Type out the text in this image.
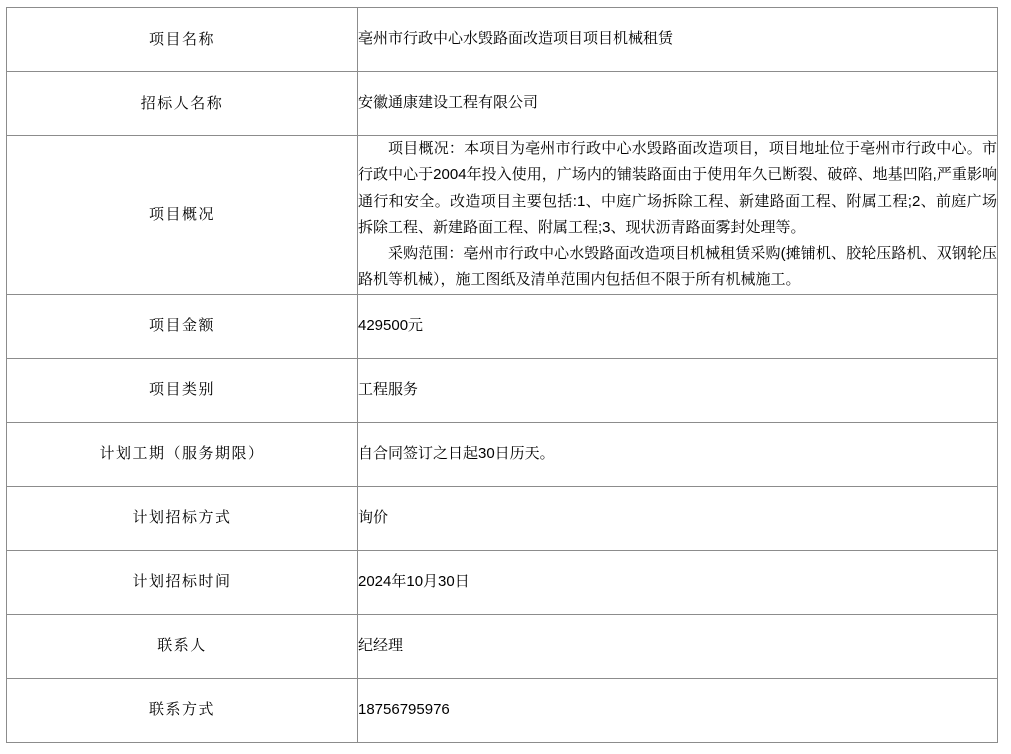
项目名称	亳州市行政中心水毁路面改造项目项目机械租赁
招标人名称	安徽通康建设工程有限公司
项目概况	项目概况：本项目为亳州市行政中心水毁路面改造项目，项目地址位于亳州市行政中心。市行政中心于2004年投入使用，广场内的铺装路面由于使用年久已断裂、破碎、地基凹陷,严重影响通行和安全。改造项目主要包括:1、中庭广场拆除工程、新建路面工程、附属工程;2、前庭广场拆除工程、新建路面工程、附属工程;3、现状沥青路面雾封处理等。

采购范围：亳州市行政中心水毁路面改造项目机械租赁采购(摊铺机、胶轮压路机、双钢轮压路机等机械），施工图纸及清单范围内包括但不限于所有机械施工。

项目金额	429500元
项目类别	工程服务
计划工期（服务期限）	自合同签订之日起30日历天。
计划招标方式	询价
计划招标时间	2024年10月30日
联系人	纪经理
联系方式	18756795976
